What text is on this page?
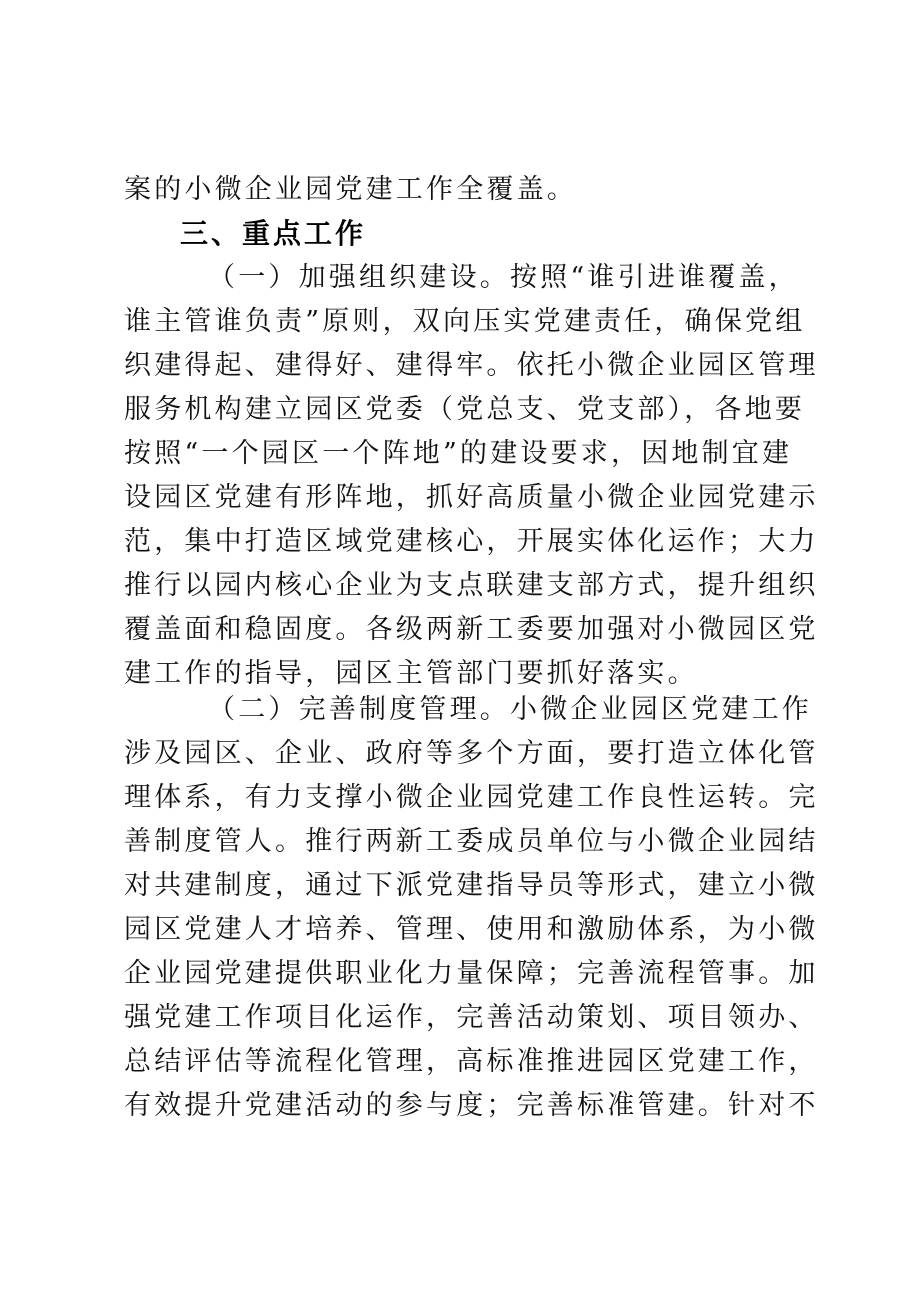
案的小微企业园党建工作全覆盖。
三、重点工作
（一）加强组织建设。按照“谁引进谁覆盖，
谁主管谁负责”原则，双向压实党建责任，确保党组
织建得起、建得好、建得牢。依托小微企业园区管理
服务机构建立园区党委（党总支、党支部），各地要
按照“一个园区一个阵地”的建设要求，因地制宜建
设园区党建有形阵地，抓好高质量小微企业园党建示
范，集中打造区域党建核心，开展实体化运作；大力
推行以园内核心企业为支点联建支部方式，提升组织
覆盖面和稳固度。各级两新工委要加强对小微园区党
建工作的指导，园区主管部门要抓好落实。
（二）完善制度管理。小微企业园区党建工作
涉及园区、企业、政府等多个方面，要打造立体化管
理体系，有力支撑小微企业园党建工作良性运转。完
善制度管人。推行两新工委成员单位与小微企业园结
对共建制度，通过下派党建指导员等形式，建立小微
园区党建人才培养、管理、使用和激励体系，为小微
企业园党建提供职业化力量保障；完善流程管事。加
强党建工作项目化运作，完善活动策划、项目领办、
总结评估等流程化管理，高标准推进园区党建工作，
有效提升党建活动的参与度；完善标准管建。针对不
